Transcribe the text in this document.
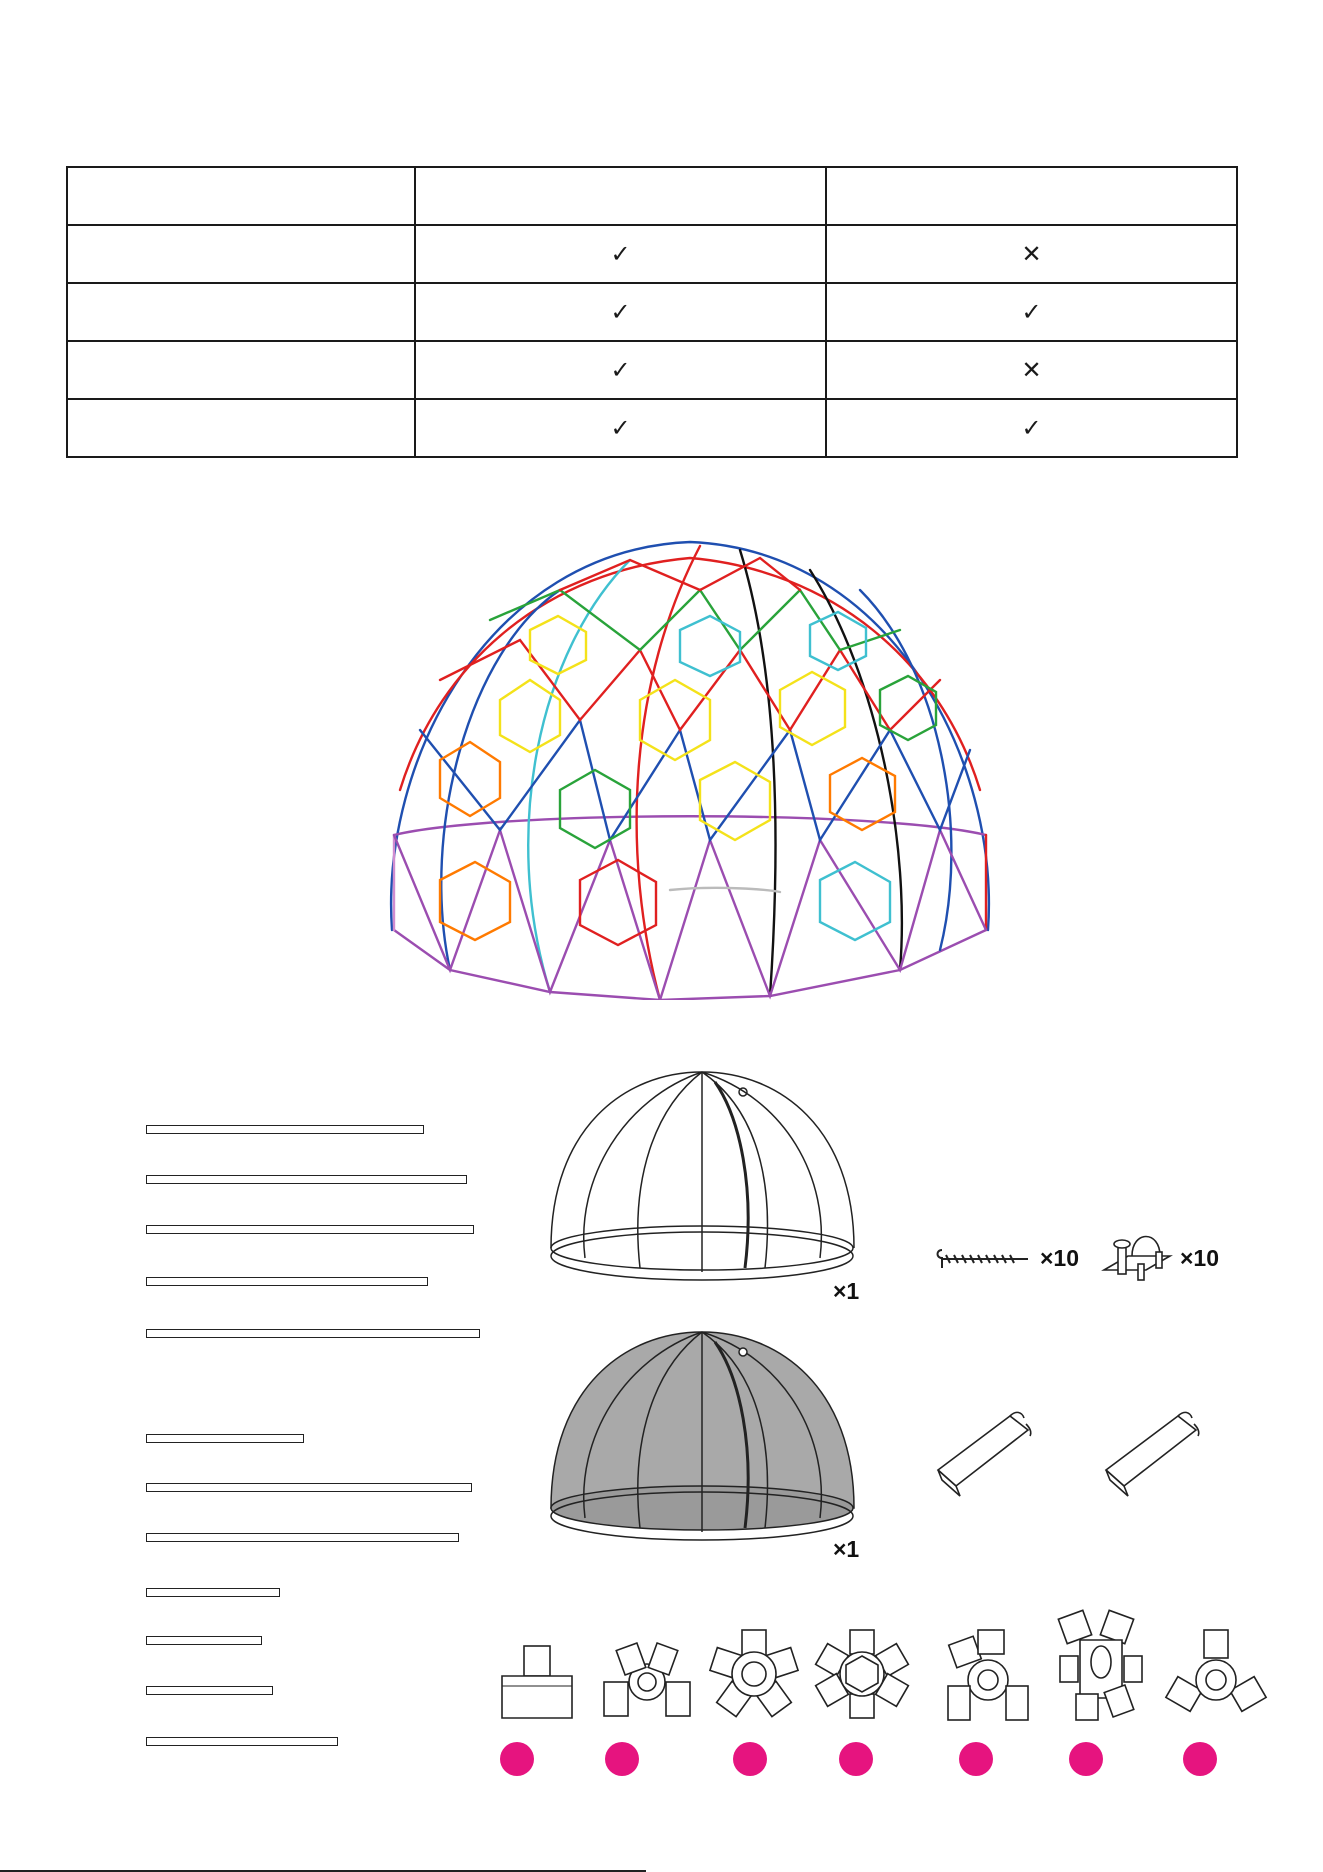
	✓	✕
	✓	✓
	✓	✕
	✓	✓
×1
×1
×10	×10
